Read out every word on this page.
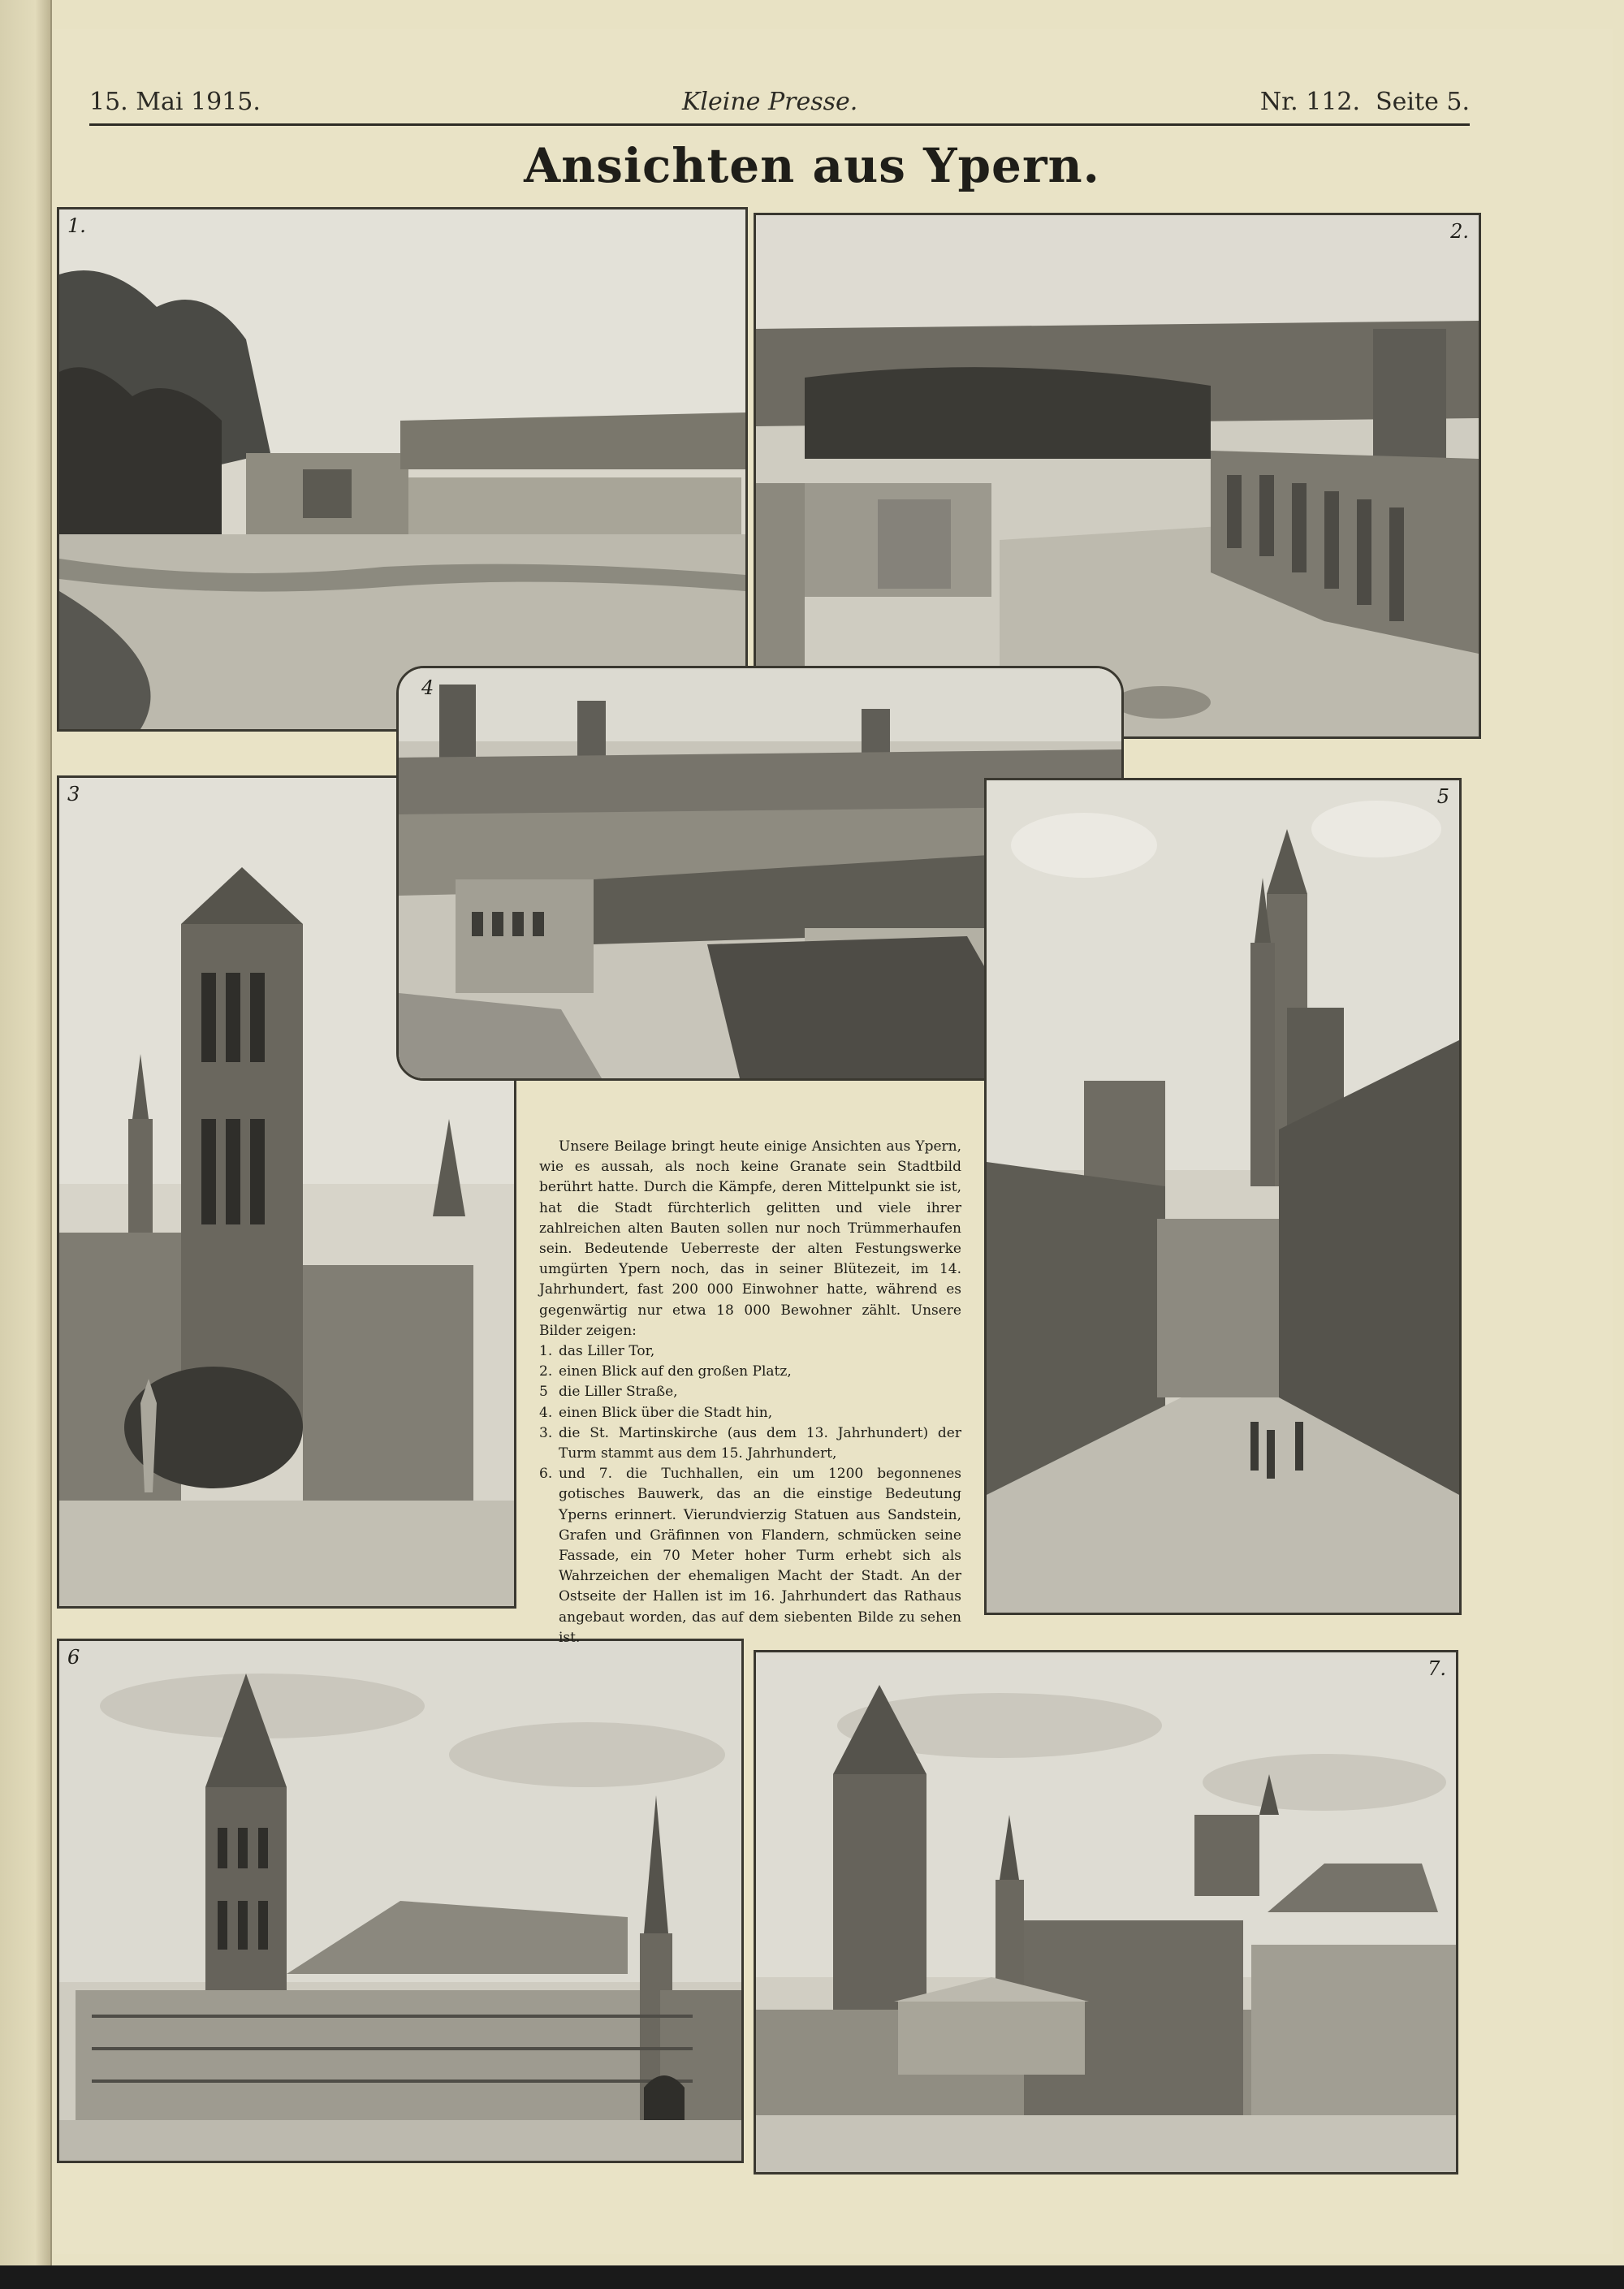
15. Mai 1915.	Kleine Presse.	Nr. 112.  Seite 5.
Ansichten aus Ypern.
1.	2.
3
4
5
6	7.

Unsere Beilage bringt heute einige Ansichten aus Ypern, wie es aussah, als noch keine Granate sein Stadtbild berührt hatte. Durch die Kämpfe, deren Mittelpunkt sie ist, hat die Stadt fürchterlich gelitten und viele ihrer zahlreichen alten Bauten sollen nur noch Trümmerhaufen sein. Bedeutende Ueberreste der alten Festungswerke umgürten Ypern noch, das in seiner Blütezeit, im 14. Jahrhundert, fast 200 000 Einwohner hatte, während es gegenwärtig nur etwa 18 000 Bewohner zählt. Unsere Bilder zeigen:

1. das Liller Tor,
2. einen Blick auf den großen Platz,
5 die Liller Straße,
4. einen Blick über die Stadt hin,
3. die St. Martinskirche (aus dem 13. Jahrhundert) der Turm stammt aus dem 15. Jahrhundert,
6. und 7. die Tuchhallen, ein um 1200 begonnenes gotisches Bauwerk, das an die einstige Bedeutung Yperns erinnert. Vierundvierzig Statuen aus Sandstein, Grafen und Gräfinnen von Flandern, schmücken seine Fassade, ein 70 Meter hoher Turm erhebt sich als Wahrzeichen der ehemaligen Macht der Stadt. An der Ostseite der Hallen ist im 16. Jahrhundert das Rathaus angebaut worden, das auf dem siebenten Bilde zu sehen ist.
